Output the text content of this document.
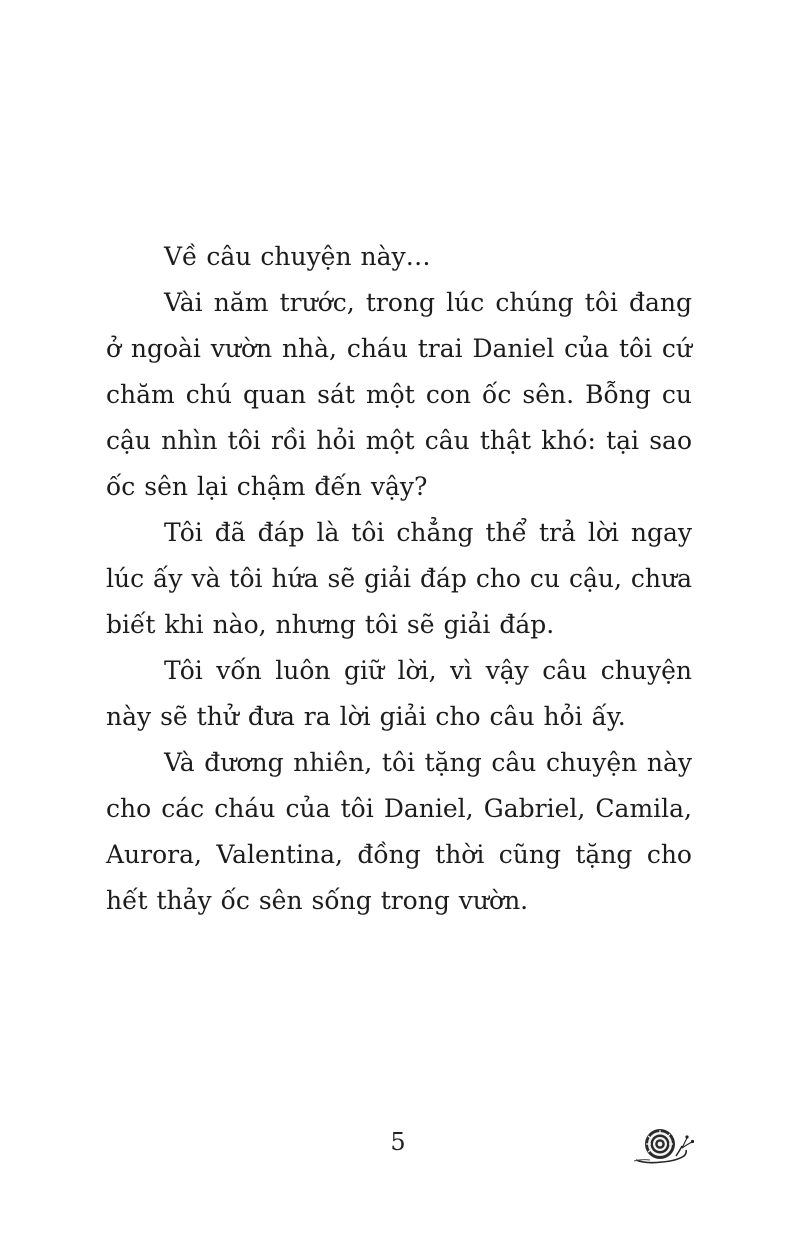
Về câu chuyện này…

Vài năm trước, trong lúc chúng tôi đang ở ngoài vườn nhà, cháu trai Daniel của tôi cứ chăm chú quan sát một con ốc sên. Bỗng cu cậu nhìn tôi rồi hỏi một câu thật khó: tại sao ốc sên lại chậm đến vậy?

Tôi đã đáp là tôi chẳng thể trả lời ngay lúc ấy và tôi hứa sẽ giải đáp cho cu cậu, chưa biết khi nào, nhưng tôi sẽ giải đáp.

Tôi vốn luôn giữ lời, vì vậy câu chuyện này sẽ thử đưa ra lời giải cho câu hỏi ấy.

Và đương nhiên, tôi tặng câu chuyện này cho các cháu của tôi Daniel, Gabriel, Camila, Aurora, Valentina, đồng thời cũng tặng cho hết thảy ốc sên sống trong vườn.

5
